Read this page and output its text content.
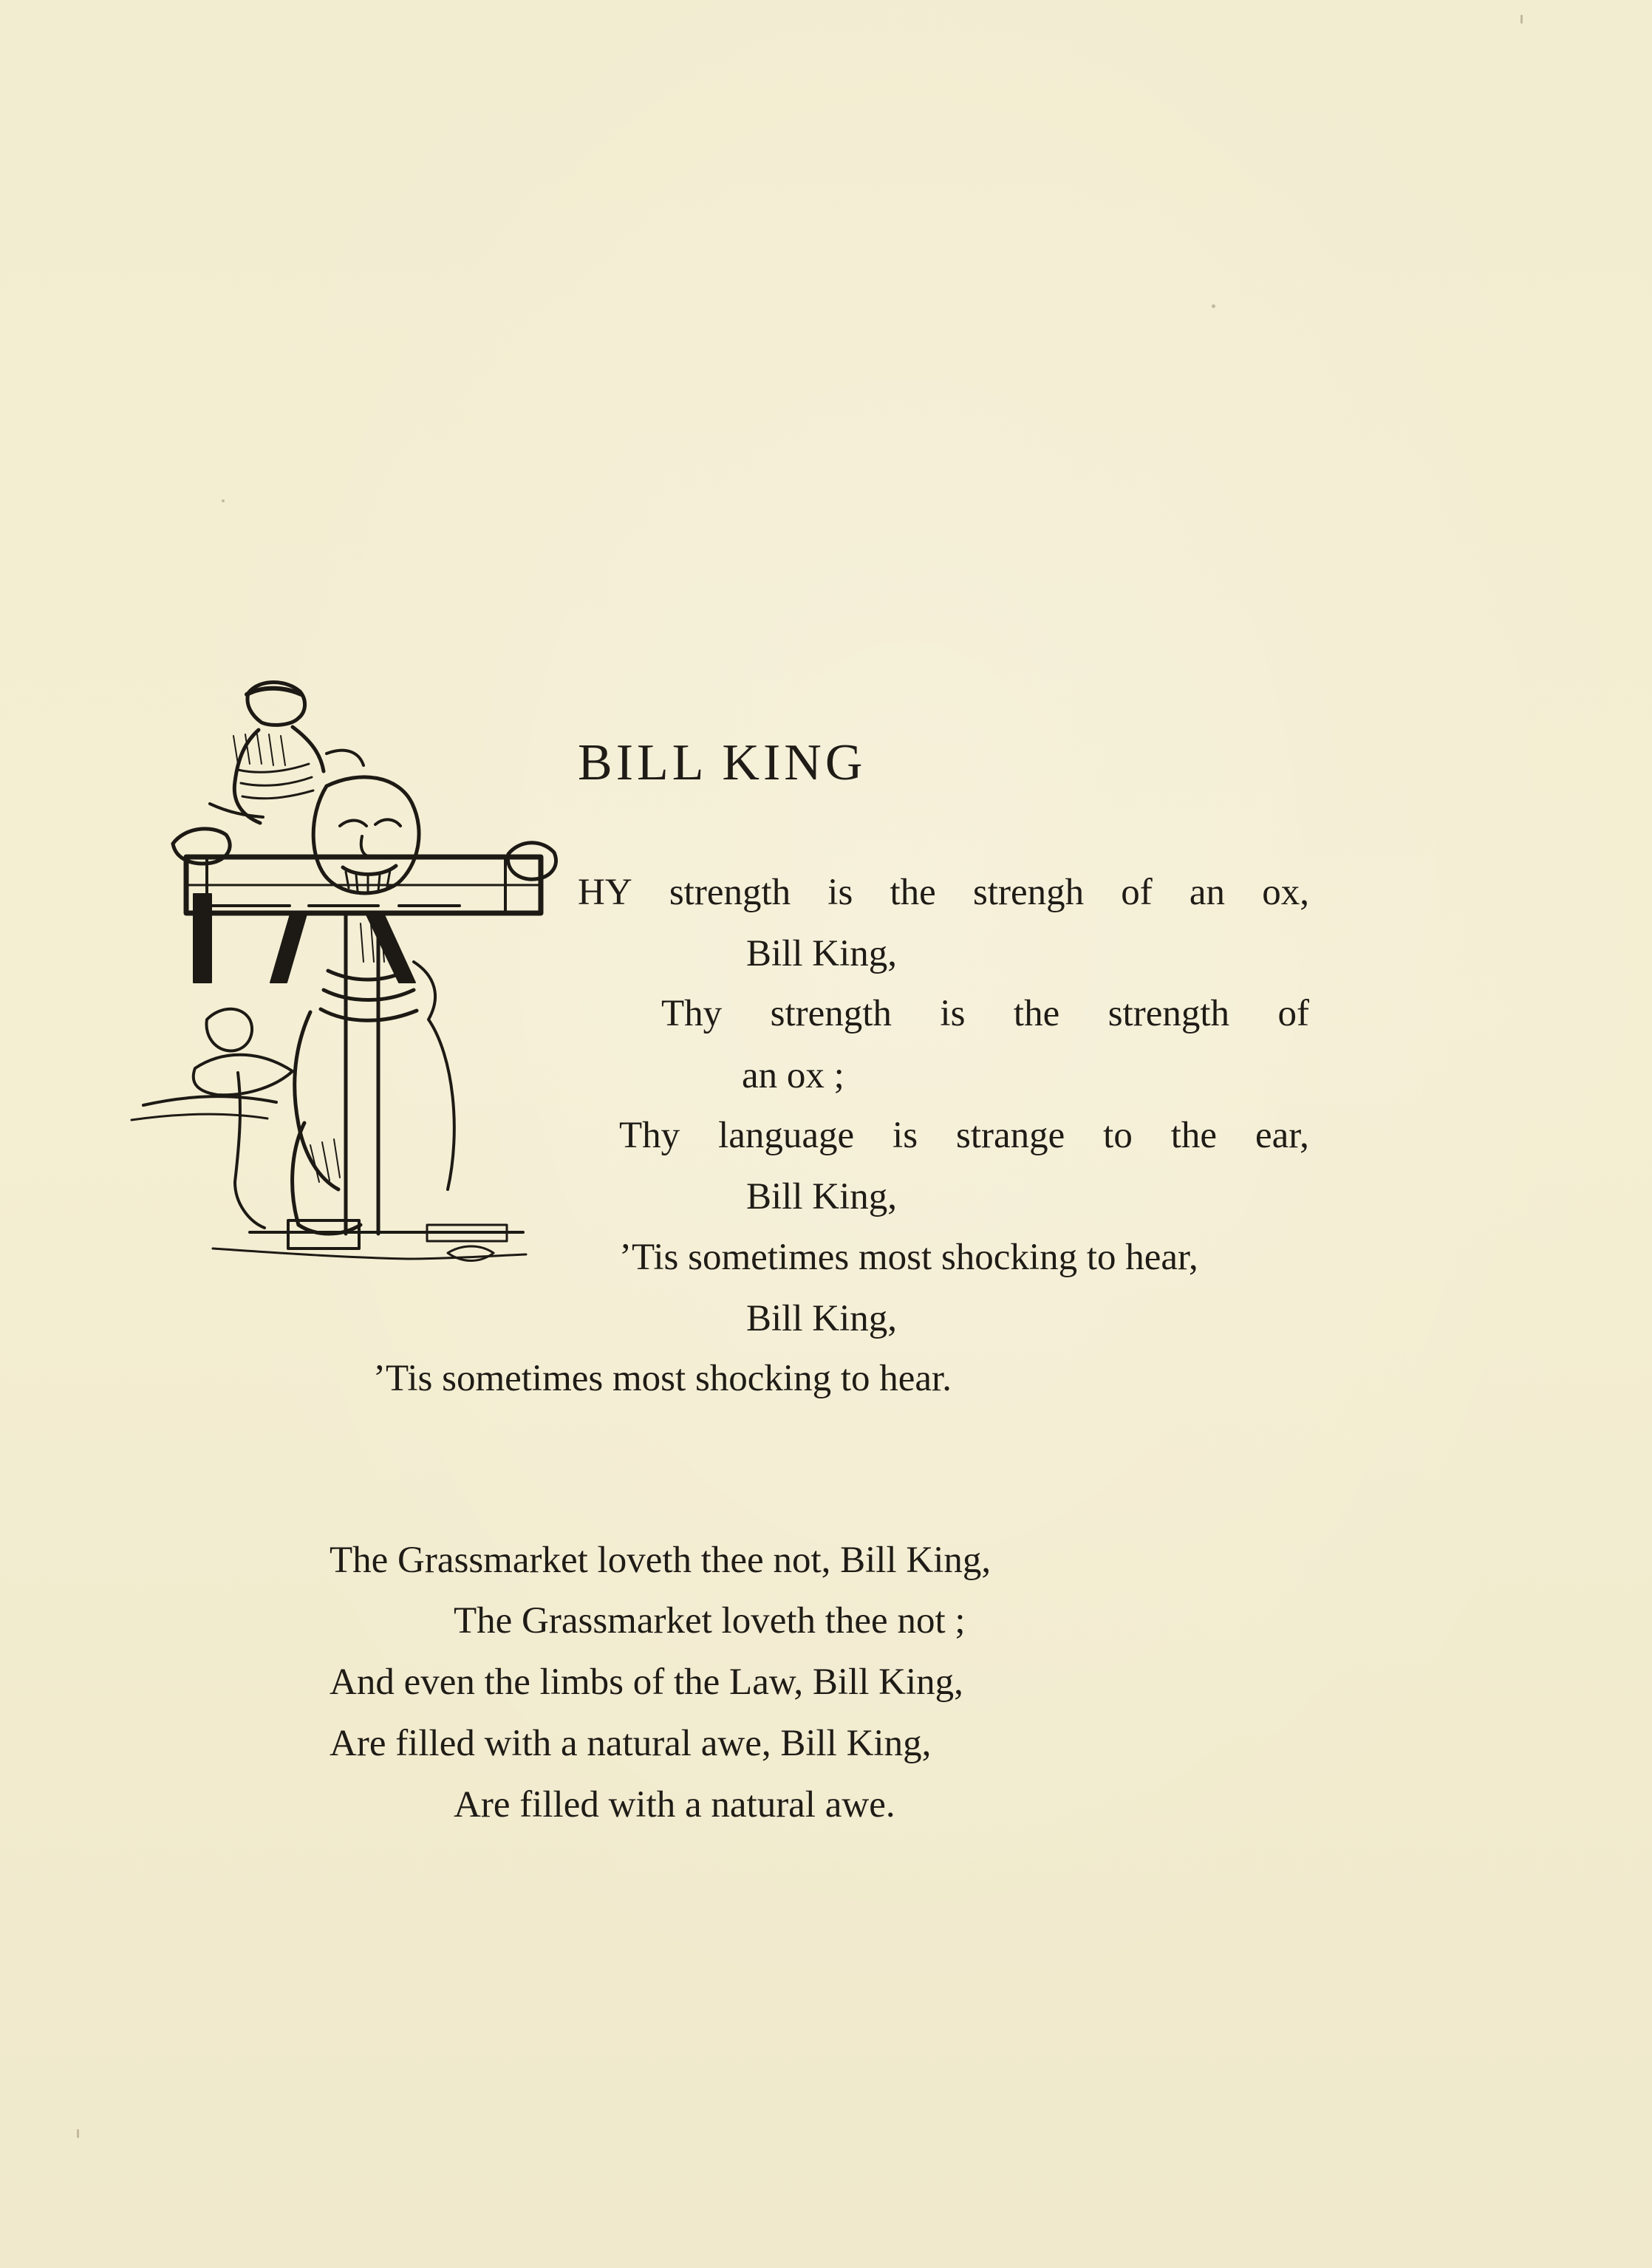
BILL KING
HY strength is the strengh of an ox,
Bill King,
Thy strength is the strength of
an ox ;
Thy language is strange to the ear,
Bill King,
’Tis sometimes most shocking to hear,
Bill King,
’Tis sometimes most shocking to hear.
The Grassmarket loveth thee not, Bill King,
The Grassmarket loveth thee not ;
And even the limbs of the Law, Bill King,
Are filled with a natural awe, Bill King,
Are filled with a natural awe.
